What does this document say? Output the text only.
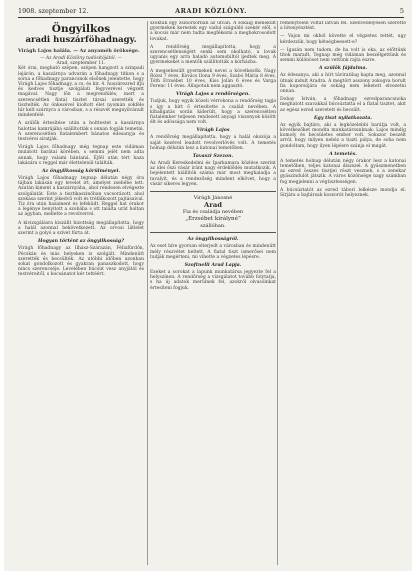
1908. szeptember 12.	ARADI KÖZLÖNY.	5
Öngyilkos
aradi huszárföhadnagy.

Virágh Lajos halála. — Az anyaméh öröksége.

— Az Aradi Közlöny tudósítójától. —

Arad, szeptember 11.

Két órai, megható szépen, szépen hangzott a szinpadi lejárón, a kaszárnya udvarán a főhadnagy titkon s a sorsa a főhadnagy parancsnok elsőnek jelentette, hogy Virágh Lajos főhadnagy, a cs. és kir. 4. huszárezred ifjú és kedves tisztje szolgálati fegyverével végzett magával. Nagy lőn a megrendülés, mert a szerencsétlen fiatal tisztet társai szerették és tisztelték. Az önkezével kioltott élet nyomán sokféle hír kelt szárnyra a városban, s a részvét megnyilvánult mindenfelé.

A szülők értesítése után a holttestet a kaszárnya halottas kamrájába szállították s onnan fogják temetni. A szerencsétlen fiatalembert bánatos édesanyja és testvérei siratják.

Virágh Lajos főhadnagy még tegnap este vidáman mulatott barátai körében, s semmi jelét nem adta annak, hogy valami bántaná. Éjfél után tért haza lakására s reggel már élettelenül találták.

Az öngyilkosság körülményei.

Virágh Lajos főhadnagy tegnap délután négy óra tájban lakásán egy levelet irt, amelyet zsebébe tett. Azután kiment a kaszárnyába, ahol rendesen elvégezte szolgálatát. Este a tisztikaszinóban vacsorázott, ahol szokása szerint jókedvű volt és tréfálkozott pajtásaival. Tíz óra után hazament és lefeküdt. Reggel hat órakor a legénye benyitott a szobába s ott találta urát holtan az ágyban, mellette a revolverrel.

A kivizsgálásra kiszállt bizottság megállapította, hogy a halál azonnal bekövetkezett. Az orvosi látlelet szerint a golyó a szívet fúrta át.

Hogyan történt az öngyilkosság?

Virágh főhadnagy az Ilhász-Szárazán, Félixfürdőn, Pécskán és más helyeken is szolgált. Mindenütt szerették és becsülték. Az utóbbi időben azonban sokat gondolkozott és gyakran panaszkodott, hogy nincs szerencséje. Levelében búcsút vesz anyjától és testvéreitől, s bocsánatot kér tettéért.

szoktak egy zsinórsorban az utcán. A sokáig menekült gyermekek kerestek egy vadul száguldó szekér elől, s a kocsis már nem tudta megfékezni a megbokrosodott lovakat.

A rendőrség megállapította, hogy a szerencsétlenségért senki sem okolható, a lovak ugyanis egy arra haladó automobiltól ijedtek meg. A gyermekeket a mentők szállították a kórházba.

A megsebesült gyermekek nevei a következők: Nagy Rózsi 7 éves, Kovács Ilona 9 éves, Szabó Mária 8 éves, Tóth Erzsébet 10 éves, Kiss Jolán 6 éves és Varga Ferenc 11 éves. Állapotuk nem aggasztó.

Virágh Lajos a rendőrségen.

Tudjuk, hogy egyik közeli vérrokona a rendőrség tagja s így a hírt ő értesítette a család nevében. A kihallgatás során kiderült, hogy a szerencsétlen fiatalember teljesen rendezett anyagi viszonyok között élt és adóssága nem volt.

Virágh Lajos

A rendőrség megállapította, hogy a halál okozója a saját kezével leadott revolverlövés volt. A temetés holnap délután lesz a katonai temetőben.

Tavaszi Szezon.

Az Aradi Kereskedelmi és Iparkamara közlése szerint az idei őszi vásár iránt nagy érdeklődés mutatkozik. A bejelentett kiállítók száma már most meghaladja a tavalyit, és a rendezőség mindent elkövet, hogy a vásár sikeres legyen.

Virágh Jánosné
Arad
Fia és családja nevében
„Erzsébet királyné”
szállóban.
Az öngyilkosságról.

Az eset híre gyorsan elterjedt a városban és mindenütt mély részvétet keltett. A fiatal tiszt ismerősei nem tudják megérteni, mi vihette a végzetes lépésre.

Szoftnelli Arad Lapja.

Ezeket a sorokat a lapunk munkatársa jegyezte fel a helyszínen. A rendőrség a vizsgálatot tovább folytatja, s ha új adatok merülnek fel, azokról olvasóinkat értesíteni fogjuk.

reménytelen voltát látván fel. Szenvedélyesen szerette a lótenyésztést.

— Vajon mi okból követte el végzetes tettét, ugy kérdezzük, hogy kétségbeesett-e?

— Igazán nem tudom, de ha volt is oka, az előttünk titok maradt. Tegnap még vidáman beszélgettünk és semmi különöset nem vettünk rajta észre.

A szülők fájdalma.

Az édesanya, aki a hírt táviratilag kapta meg, azonnal útnak indult Aradra. A megtört asszony zokogva borult fia koporsójára és sokáig nem lehetett elvezetni onnan.

Dobay István, a főhadnagy ezredparancsnoka meghatott szavakkal búcsúztatta el a fiatal tisztet, akit az egész ezred szeretett és becsült.

Egy tiszt nyilatkozata.

Az egyik bajtárs, aki a legközelebbi barátja volt, a következőket mondta munkatársunknak: Lajos mindig komoly és becsületes ember volt. Sokszor beszélt arról, hogy milyen nehéz a tiszti pálya, de soha nem gondoltam, hogy ilyen lépésre szánja el magát.

A temetés.

A temetés holnap délután négy órakor lesz a katonai temetőben, teljes katonai díszszel. A gyászmenetben az ezred összes tisztjei részt vesznek, s a zenekar gyászindulót játszik. A város közönsége nagy számban fog megjelenni a végtisztességen.

A búcsúztatót az ezred tábori lelkésze mondja el. Sírjára a bajtársak koszorút helyeznek.
